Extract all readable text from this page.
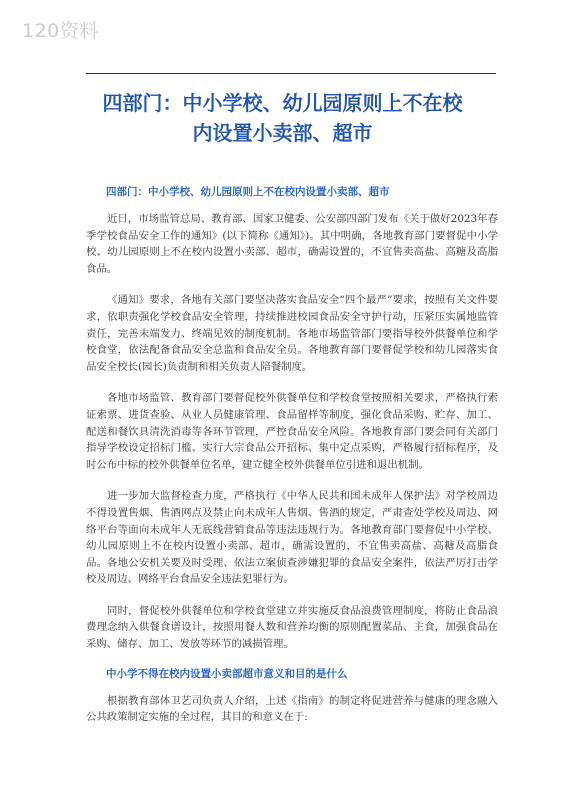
120资料
四部门：中小学校、幼儿园原则上不在校
内设置小卖部、超市
四部门：中小学校、幼儿园原则上不在校内设置小卖部、超市

近日，市场监管总局、教育部、国家卫健委、公安部四部门发布《关于做好2023年春季学校食品安全工作的通知》(以下简称《通知》)。其中明确，各地教育部门要督促中小学校、幼儿园原则上不在校内设置小卖部、超市，确需设置的，不宜售卖高盐、高糖及高脂食品。

《通知》要求，各地有关部门要坚决落实食品安全“四个最严”要求，按照有关文件要求，依职责强化学校食品安全管理，持续推进校园食品安全守护行动，压紧压实属地监管责任，完善末端发力、终端见效的制度机制。各地市场监管部门要指导校外供餐单位和学校食堂，依法配备食品安全总监和食品安全员。各地教育部门要督促学校和幼儿园落实食品安全校长(园长)负责制和相关负责人陪餐制度。

各地市场监管、教育部门要督促校外供餐单位和学校食堂按照相关要求，严格执行索证索票、进货查验、从业人员健康管理、食品留样等制度，强化食品采购、贮存、加工、配送和餐饮具清洗消毒等各环节管理，严控食品安全风险。各地教育部门要会同有关部门指导学校设定招标门槛、实行大宗食品公开招标、集中定点采购，严格履行招标程序，及时公布中标的校外供餐单位名单，建立健全校外供餐单位引进和退出机制。

进一步加大监督检查力度，严格执行《中华人民共和国未成年人保护法》对学校周边不得设置售烟、售酒网点及禁止向未成年人售烟、售酒的规定，严肃查处学校及周边、网络平台等面向未成年人无底线营销食品等违法违规行为。各地教育部门要督促中小学校、幼儿园原则上不在校内设置小卖部、超市，确需设置的，不宜售卖高盐、高糖及高脂食品。各地公安机关要及时受理、依法立案侦查涉嫌犯罪的食品安全案件，依法严厉打击学校及周边、网络平台食品安全违法犯罪行为。

同时，督促校外供餐单位和学校食堂建立并实施反食品浪费管理制度，将防止食品浪费理念纳入供餐食谱设计，按照用餐人数和营养均衡的原则配置菜品、主食，加强食品在采购、储存、加工、发放等环节的减损管理。

中小学不得在校内设置小卖部超市意义和目的是什么

根据教育部体卫艺司负责人介绍，上述《指南》的制定将促进营养与健康的理念融入公共政策制定实施的全过程，其目的和意义在于:
